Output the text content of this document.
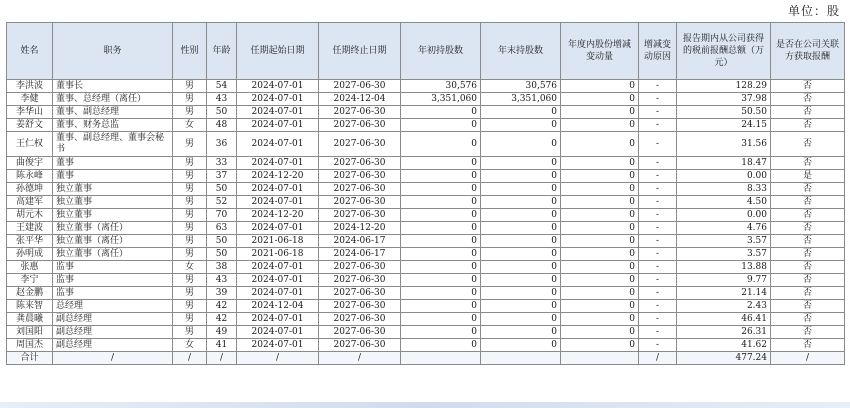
单位：股
姓名	职务	性别	年龄	任期起始日期	任期终止日期	年初持股数	年末持股数	年度内股份增减变动量	增减变动原因	报告期内从公司获得的税前报酬总额（万元）	是否在公司关联方获取报酬
李洪波	董事长	男	54	2024-07-01	2027-06-30	30,576	30,576	0	-	128.29	否
李健	董事、总经理（离任）	男	43	2024-07-01	2024-12-04	3,351,060	3,351,060	0	-	37.98	否
李华山	董事、副总经理	男	50	2024-07-01	2027-06-30	0	0	0	-	50.50	否
姜舒文	董事、财务总监	女	48	2024-07-01	2027-06-30	0	0	0	-	24.15	否
王仁权	董事、副总经理、董事会秘书	男	36	2024-07-01	2027-06-30	0	0	0	-	31.56	否
曲俊宇	董事	男	33	2024-07-01	2027-06-30	0	0	0	-	18.47	否
陈永峰	董事	男	37	2024-12-20	2027-06-30	0	0	0	-	0.00	是
孙德坤	独立董事	男	50	2024-07-01	2027-06-30	0	0	0	-	8.33	否
高建军	独立董事	男	52	2024-07-01	2027-06-30	0	0	0	-	4.50	否
胡元木	独立董事	男	70	2024-12-20	2027-06-30	0	0	0	-	0.00	否
王建波	独立董事（离任）	男	63	2024-07-01	2024-12-20	0	0	0	-	4.76	否
张平华	独立董事（离任）	男	50	2021-06-18	2024-06-17	0	0	0	-	3.57	否
孙明成	独立董事（离任）	男	50	2021-06-18	2024-06-17	0	0	0	-	3.57	否
张惠	监事	女	38	2024-07-01	2027-06-30	0	0	0	-	13.88	否
李宁	监事	男	43	2024-07-01	2027-06-30	0	0	0	-	9.77	否
赵金鹏	监事	男	39	2024-07-01	2027-06-30	0	0	0	-	21.14	否
陈来智	总经理	男	42	2024-12-04	2027-06-30	0	0	0	-	2.43	否
龚晨曦	副总经理	男	42	2024-07-01	2027-06-30	0	0	0	-	46.41	否
刘国阳	副总经理	男	49	2024-07-01	2027-06-30	0	0	0	-	26.31	否
周国杰	副总经理	女	41	2024-07-01	2027-06-30	0	0	0	-	41.62	否
合计	/	/	/	/	/				/	477.24	/
